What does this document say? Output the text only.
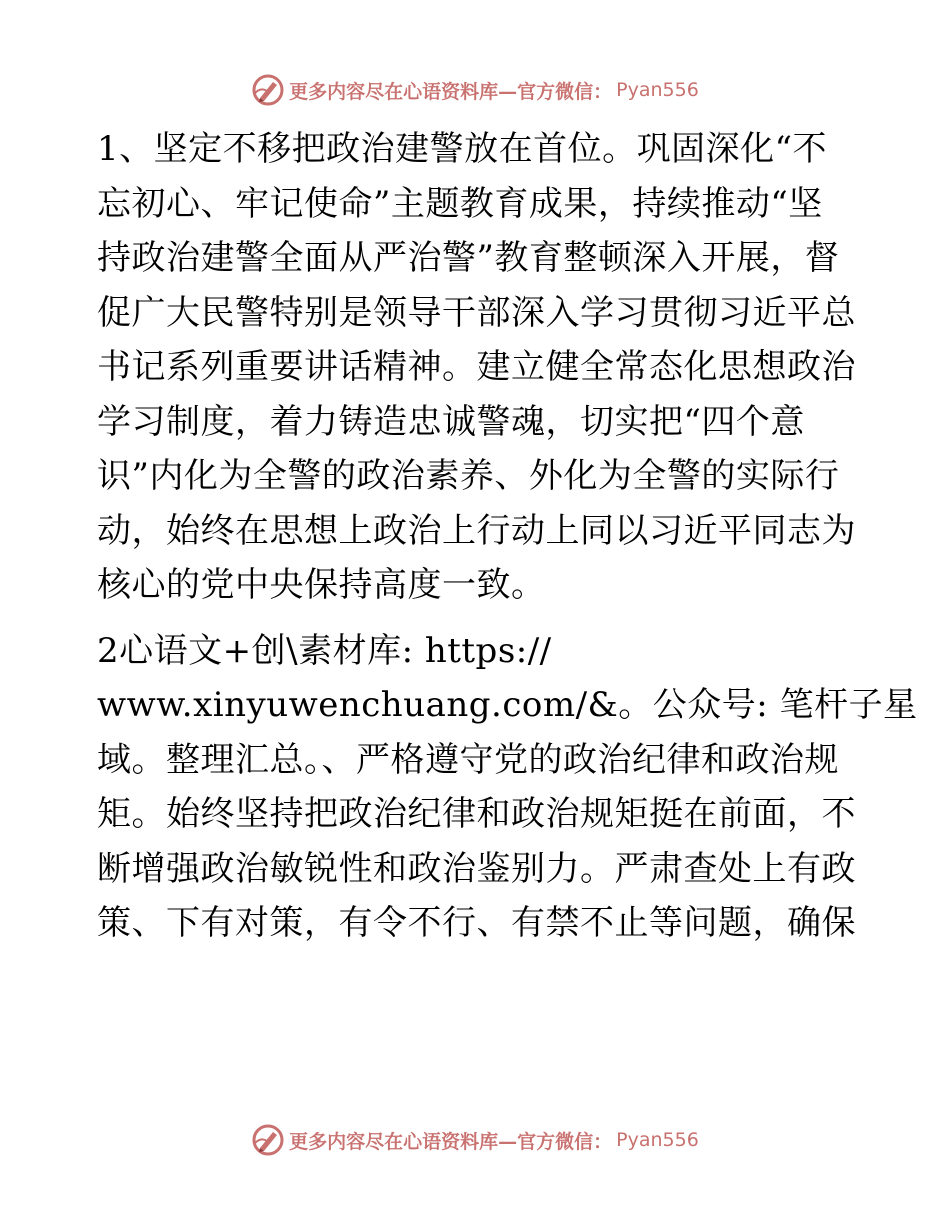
更多内容尽在心语资料库—官方微信： Pyan556
1、坚定不移把政治建警放在首位。巩固深化“不
忘初心、牢记使命”主题教育成果，持续推动“坚
持政治建警全面从严治警”教育整顿深入开展，督
促广大民警特别是领导干部深入学习贯彻习近平总
书记系列重要讲话精神。建立健全常态化思想政治
学习制度，着力铸造忠诚警魂，切实把“四个意
识”内化为全警的政治素养、外化为全警的实际行
动，始终在思想上政治上行动上同以习近平同志为
核心的党中央保持高度一致。
2心语文+创\素材库: https://
www.xinyuwenchuang.com/&。公众号: 笔杆子星
域。整理汇总。、严格遵守党的政治纪律和政治规
矩。始终坚持把政治纪律和政治规矩挺在前面，不
断增强政治敏锐性和政治鉴别力。严肃查处上有政
策、下有对策，有令不行、有禁不止等问题，确保
更多内容尽在心语资料库—官方微信： Pyan556
